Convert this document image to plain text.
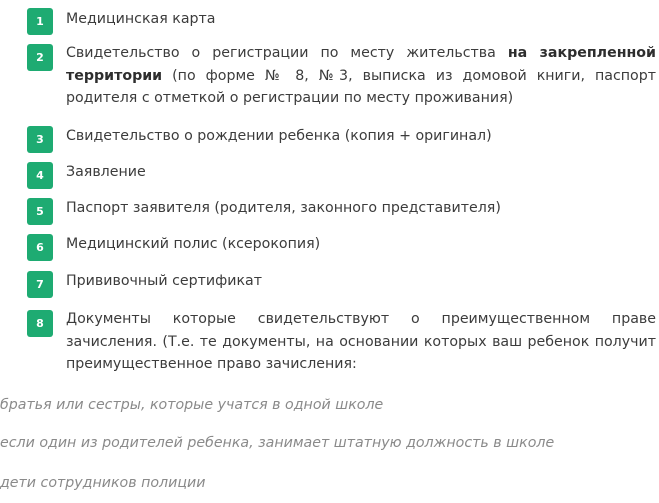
1	Медицинская карта
2	Свидетельство о регистрации по месту жительства на закрепленной территории (по форме № 8, №3, выписка из домовой книги, паспорт родителя с отметкой о регистрации по месту проживания)
3	Свидетельство о рождении ребенка (копия + оригинал)
4	Заявление
5	Паспорт заявителя (родителя, законного представителя)
6	Медицинский полис (ксерокопия)
7	Прививочный сертификат
8	Документы которые свидетельствуют о преимущественном праве зачисления. (Т.е. те документы, на основании которых ваш ребенок получит преимущественное право зачисления:
братья или сестры, которые учатся в одной школе
если один из родителей ребенка, занимает штатную должность в школе
дети сотрудников полиции
